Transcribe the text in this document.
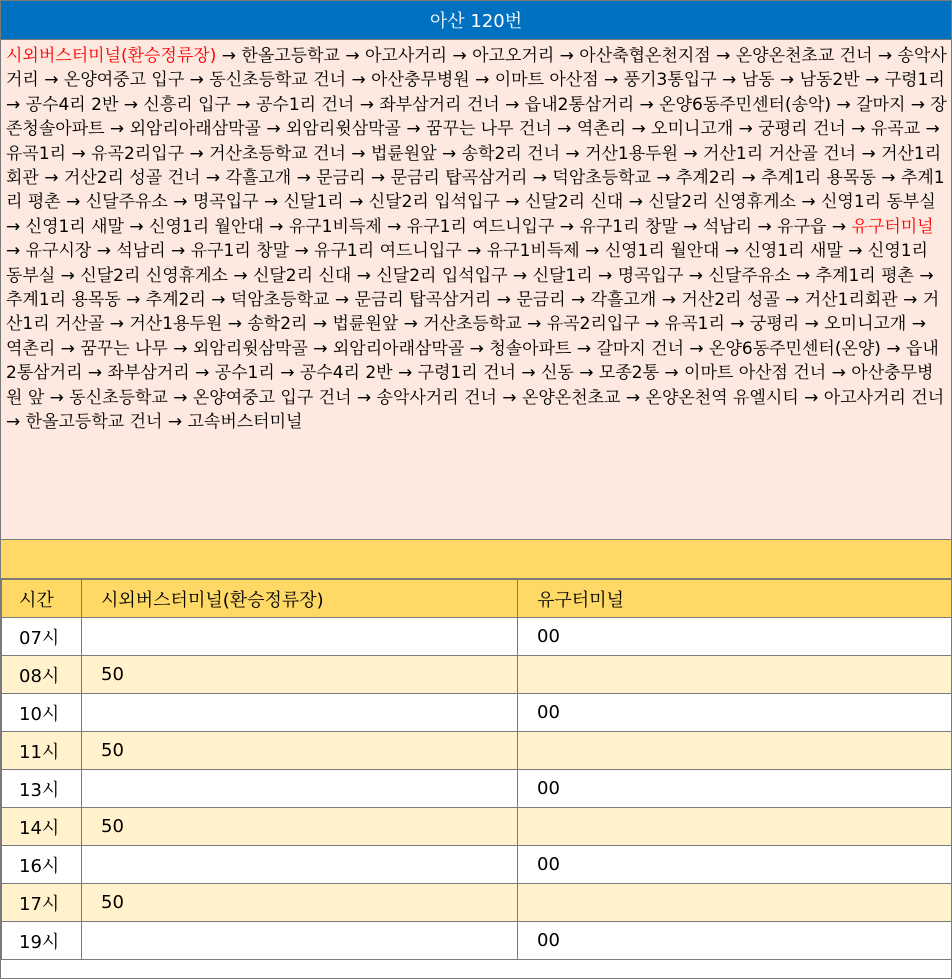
아산 120번
시외버스터미널(환승정류장) → 한올고등학교 → 아고사거리 → 아고오거리 → 아산축협온천지점 → 온양온천초교 건너 → 송악사거리 → 온양여중고 입구 → 동신초등학교 건너 → 아산충무병원 → 이마트 아산점 → 풍기3통입구 → 남동 → 남동2반 → 구령1리 → 공수4리 2반 → 신흥리 입구 → 공수1리 건너 → 좌부삼거리 건너 → 읍내2통삼거리 → 온양6동주민센터(송악) → 갈마지 → 장존청솔아파트 → 외암리아래삼막골 → 외암리윗삼막골 → 꿈꾸는 나무 건너 → 역촌리 → 오미니고개 → 궁평리 건너 → 유곡교 → 유곡1리 → 유곡2리입구 → 거산초등학교 건너 → 법륜원앞 → 송학2리 건너 → 거산1용두원 → 거산1리 거산골 건너 → 거산1리회관 → 거산2리 성골 건너 → 각흘고개 → 문금리 → 문금리 탑곡삼거리 → 덕암초등학교 → 추계2리 → 추계1리 용목동 → 추계1리 평촌 → 신달주유소 → 명곡입구 → 신달1리 → 신달2리 입석입구 → 신달2리 신대 → 신달2리 신영휴게소 → 신영1리 동부실 → 신영1리 새말 → 신영1리 월안대 → 유구1비득제 → 유구1리 여드니입구 → 유구1리 창말 → 석남리 → 유구읍 → 유구터미널 → 유구시장 → 석남리 → 유구1리 창말 → 유구1리 여드니입구 → 유구1비득제 → 신영1리 월안대 → 신영1리 새말 → 신영1리 동부실 → 신달2리 신영휴게소 → 신달2리 신대 → 신달2리 입석입구 → 신달1리 → 명곡입구 → 신달주유소 → 추계1리 평촌 → 추계1리 용목동 → 추계2리 → 덕암초등학교 → 문금리 탑곡삼거리 → 문금리 → 각흘고개 → 거산2리 성골 → 거산1리회관 → 거산1리 거산골 → 거산1용두원 → 송학2리 → 법륜원앞 → 거산초등학교 → 유곡2리입구 → 유곡1리 → 궁평리 → 오미니고개 → 역촌리 → 꿈꾸는 나무 → 외암리윗삼막골 → 외암리아래삼막골 → 청솔아파트 → 갈마지 건너 → 온양6동주민센터(온양) → 읍내2통삼거리 → 좌부삼거리 → 공수1리 → 공수4리 2반 → 구령1리 건너 → 신동 → 모종2통 → 이마트 아산점 건너 → 아산충무병원 앞 → 동신초등학교 → 온양여중고 입구 건너 → 송악사거리 건너 → 온양온천초교 → 온양온천역 유엘시티 → 아고사거리 건너 → 한올고등학교 건너 → 고속버스터미널
시간	시외버스터미널(환승정류장)	유구터미널
07시		00
08시	50	
10시		00
11시	50	
13시		00
14시	50	
16시		00
17시	50	
19시		00
